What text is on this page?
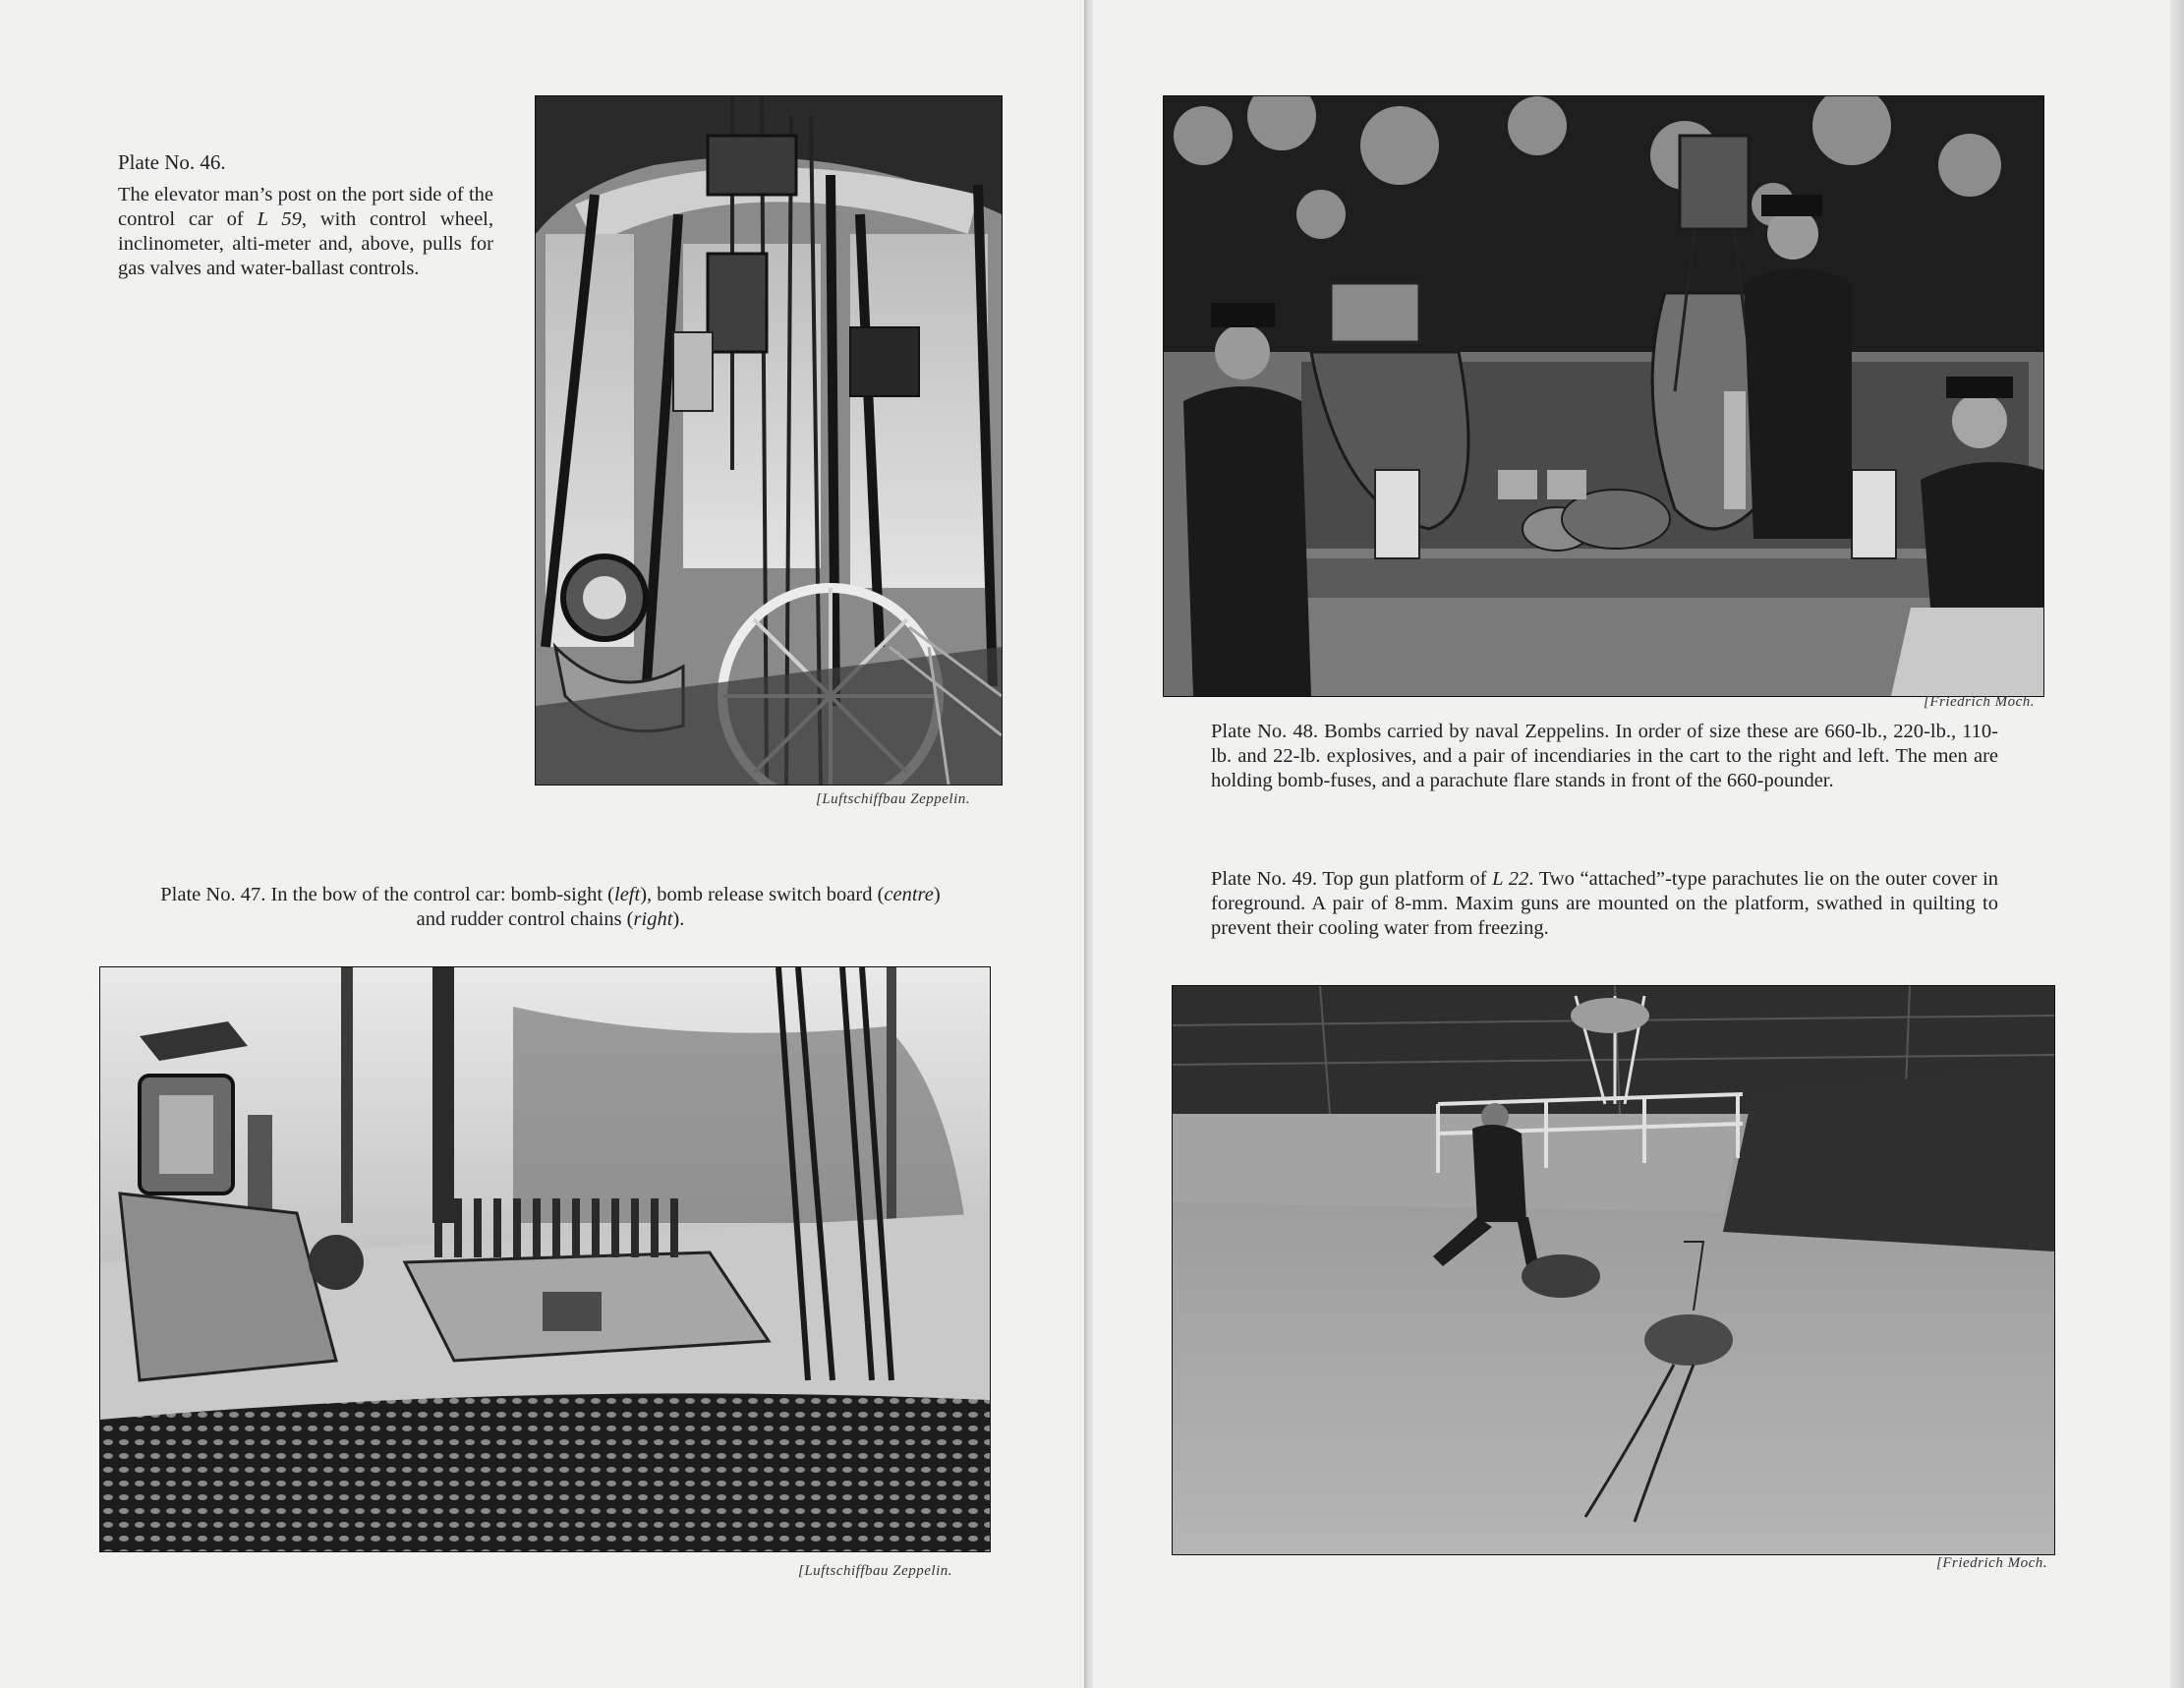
Plate No. 46.

The elevator man’s post on the port side of the control car of L 59, with control wheel, inclinometer, alti-meter and, above, pulls for gas valves and water-ballast controls.

[Luftschiffbau Zeppelin.

Plate No. 47. In the bow of the control car: bomb-sight (left), bomb release switch board (centre) and rudder control chains (right).

[Luftschiffbau Zeppelin.
[Friedrich Moch.

Plate No. 48. Bombs carried by naval Zeppelins. In order of size these are 660-lb., 220-lb., 110-lb. and 22-lb. explosives, and a pair of incendiaries in the cart to the right and left. The men are holding bomb-fuses, and a parachute flare stands in front of the 660-pounder.

Plate No. 49. Top gun platform of L 22. Two “attached”-type parachutes lie on the outer cover in foreground. A pair of 8-mm. Maxim guns are mounted on the platform, swathed in quilting to prevent their cooling water from freezing.

[Friedrich Moch.
